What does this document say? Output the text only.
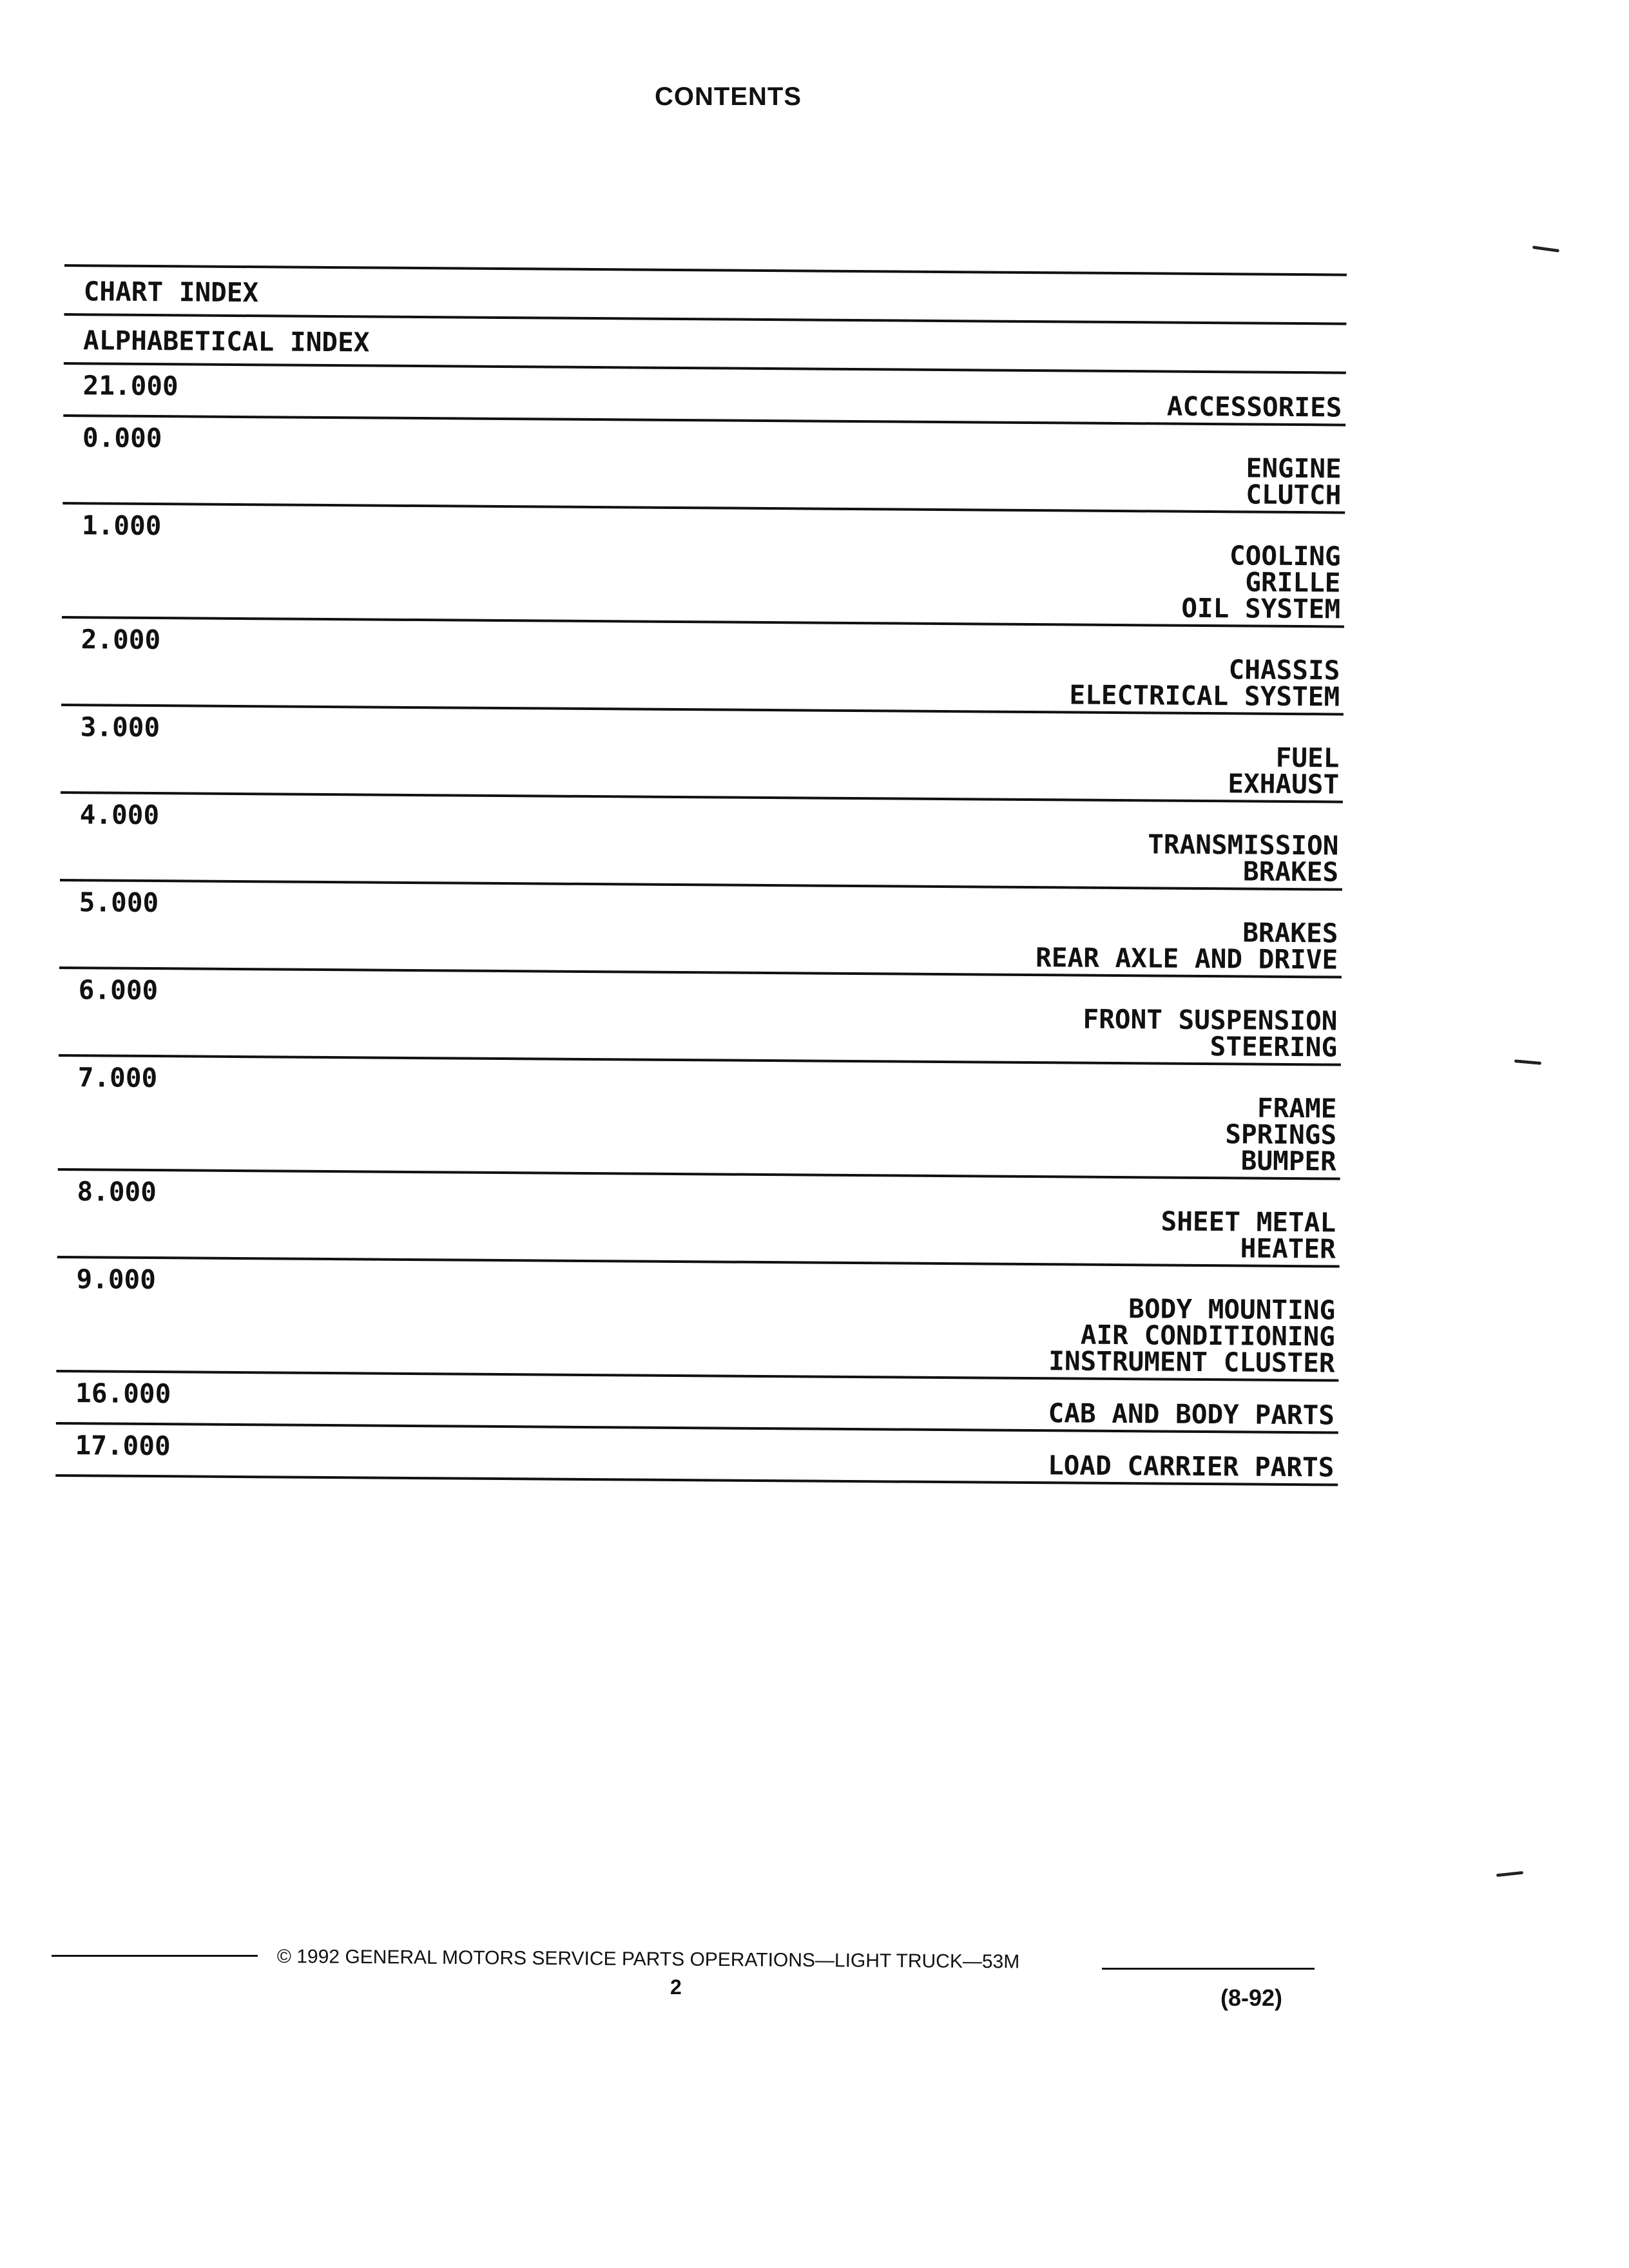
CONTENTS
CHART INDEX
ALPHABETICAL INDEX
21.000
ACCESSORIES
0.000
ENGINE
CLUTCH
1.000
COOLING
GRILLE
OIL SYSTEM
2.000
CHASSIS
ELECTRICAL SYSTEM
3.000
FUEL
EXHAUST
4.000
TRANSMISSION
BRAKES
5.000
BRAKES
REAR AXLE AND DRIVE
6.000
FRONT SUSPENSION
STEERING
7.000
FRAME
SPRINGS
BUMPER
8.000
SHEET METAL
HEATER
9.000
BODY MOUNTING
AIR CONDITIONING
INSTRUMENT CLUSTER
16.000
CAB AND BODY PARTS
17.000
LOAD CARRIER PARTS
© 1992 GENERAL MOTORS SERVICE PARTS OPERATIONS—LIGHT TRUCK—53M
2	(8-92)
